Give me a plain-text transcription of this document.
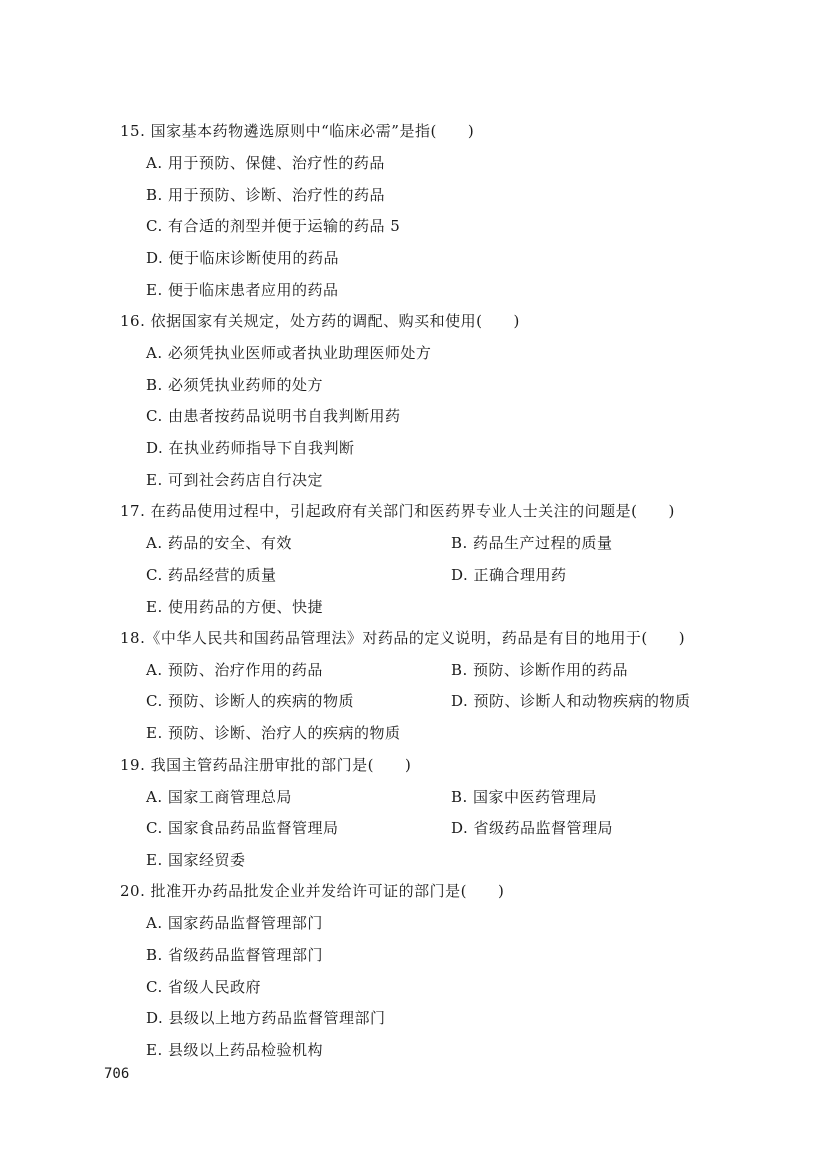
15. 国家基本药物遴选原则中“临床必需”是指(　　)
A. 用于预防、保健、治疗性的药品
B. 用于预防、诊断、治疗性的药品
C. 有合适的剂型并便于运输的药品 5
D. 便于临床诊断使用的药品
E. 便于临床患者应用的药品
16. 依据国家有关规定，处方药的调配、购买和使用(　　)
A. 必须凭执业医师或者执业助理医师处方
B. 必须凭执业药师的处方
C. 由患者按药品说明书自我判断用药
D. 在执业药师指导下自我判断
E. 可到社会药店自行决定
17. 在药品使用过程中，引起政府有关部门和医药界专业人士关注的问题是(　　)
A. 药品的安全、有效	B. 药品生产过程的质量
C. 药品经营的质量	D. 正确合理用药
E. 使用药品的方便、快捷
18.《中华人民共和国药品管理法》对药品的定义说明，药品是有目的地用于(　　)
A. 预防、治疗作用的药品	B. 预防、诊断作用的药品
C. 预防、诊断人的疾病的物质	D. 预防、诊断人和动物疾病的物质
E. 预防、诊断、治疗人的疾病的物质
19. 我国主管药品注册审批的部门是(　　)
A. 国家工商管理总局	B. 国家中医药管理局
C. 国家食品药品监督管理局	D. 省级药品监督管理局
E. 国家经贸委
20. 批准开办药品批发企业并发给许可证的部门是(　　)
A. 国家药品监督管理部门
B. 省级药品监督管理部门
C. 省级人民政府
D. 县级以上地方药品监督管理部门
E. 县级以上药品检验机构
706
